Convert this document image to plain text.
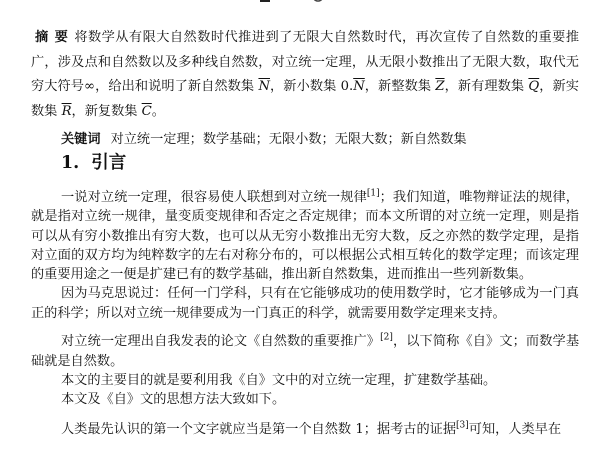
摘要将数学从有限大自然数时代推进到了无限大自然数时代，再次宣传了自然数的重要推广，涉及点和自然数以及多种线自然数，对立统一定理，从无限小数推出了无限大数，取代无穷大符号∞，给出和说明了新自然数集 $\overline{N}$，新小数集 $0.\overline{N}$，新整数集 $\overline{Z}$，新有理数集 $\overline{Q}$，新实数集 $\overline{R}$，新复数集 $\overline{C}$。
关键词 对立统一定理；数学基础；无限小数；无限大数；新自然数集
1. 引言

一说对立统一定理，很容易使人联想到对立统一规律[1]；我们知道，唯物辩证法的规律，就是指对立统一规律，量变质变规律和否定之否定规律；而本文所谓的对立统一定理，则是指可以从有穷小数推出有穷大数，也可以从无穷小数推出无穷大数，反之亦然的数学定理，是指对立面的双方均为纯粹数字的左右对称分布的，可以根据公式相互转化的数学定理；而该定理的重要用途之一便是扩建已有的数学基础，推出新自然数集，进而推出一些列新数集。

因为马克思说过：任何一门学科，只有在它能够成功的使用数学时，它才能够成为一门真正的科学；所以对立统一规律要成为一门真正的科学，就需要用数学定理来支持。

对立统一定理出自我发表的论文《自然数的重要推广》[2]，以下简称《自》文；而数学基础就是自然数。

本文的主要目的就是要利用我《自》文中的对立统一定理，扩建数学基础。

本文及《自》文的思想方法大致如下。

人类最先认识的第一个文字就应当是第一个自然数 1；据考古的证据[3]可知，人类早在
